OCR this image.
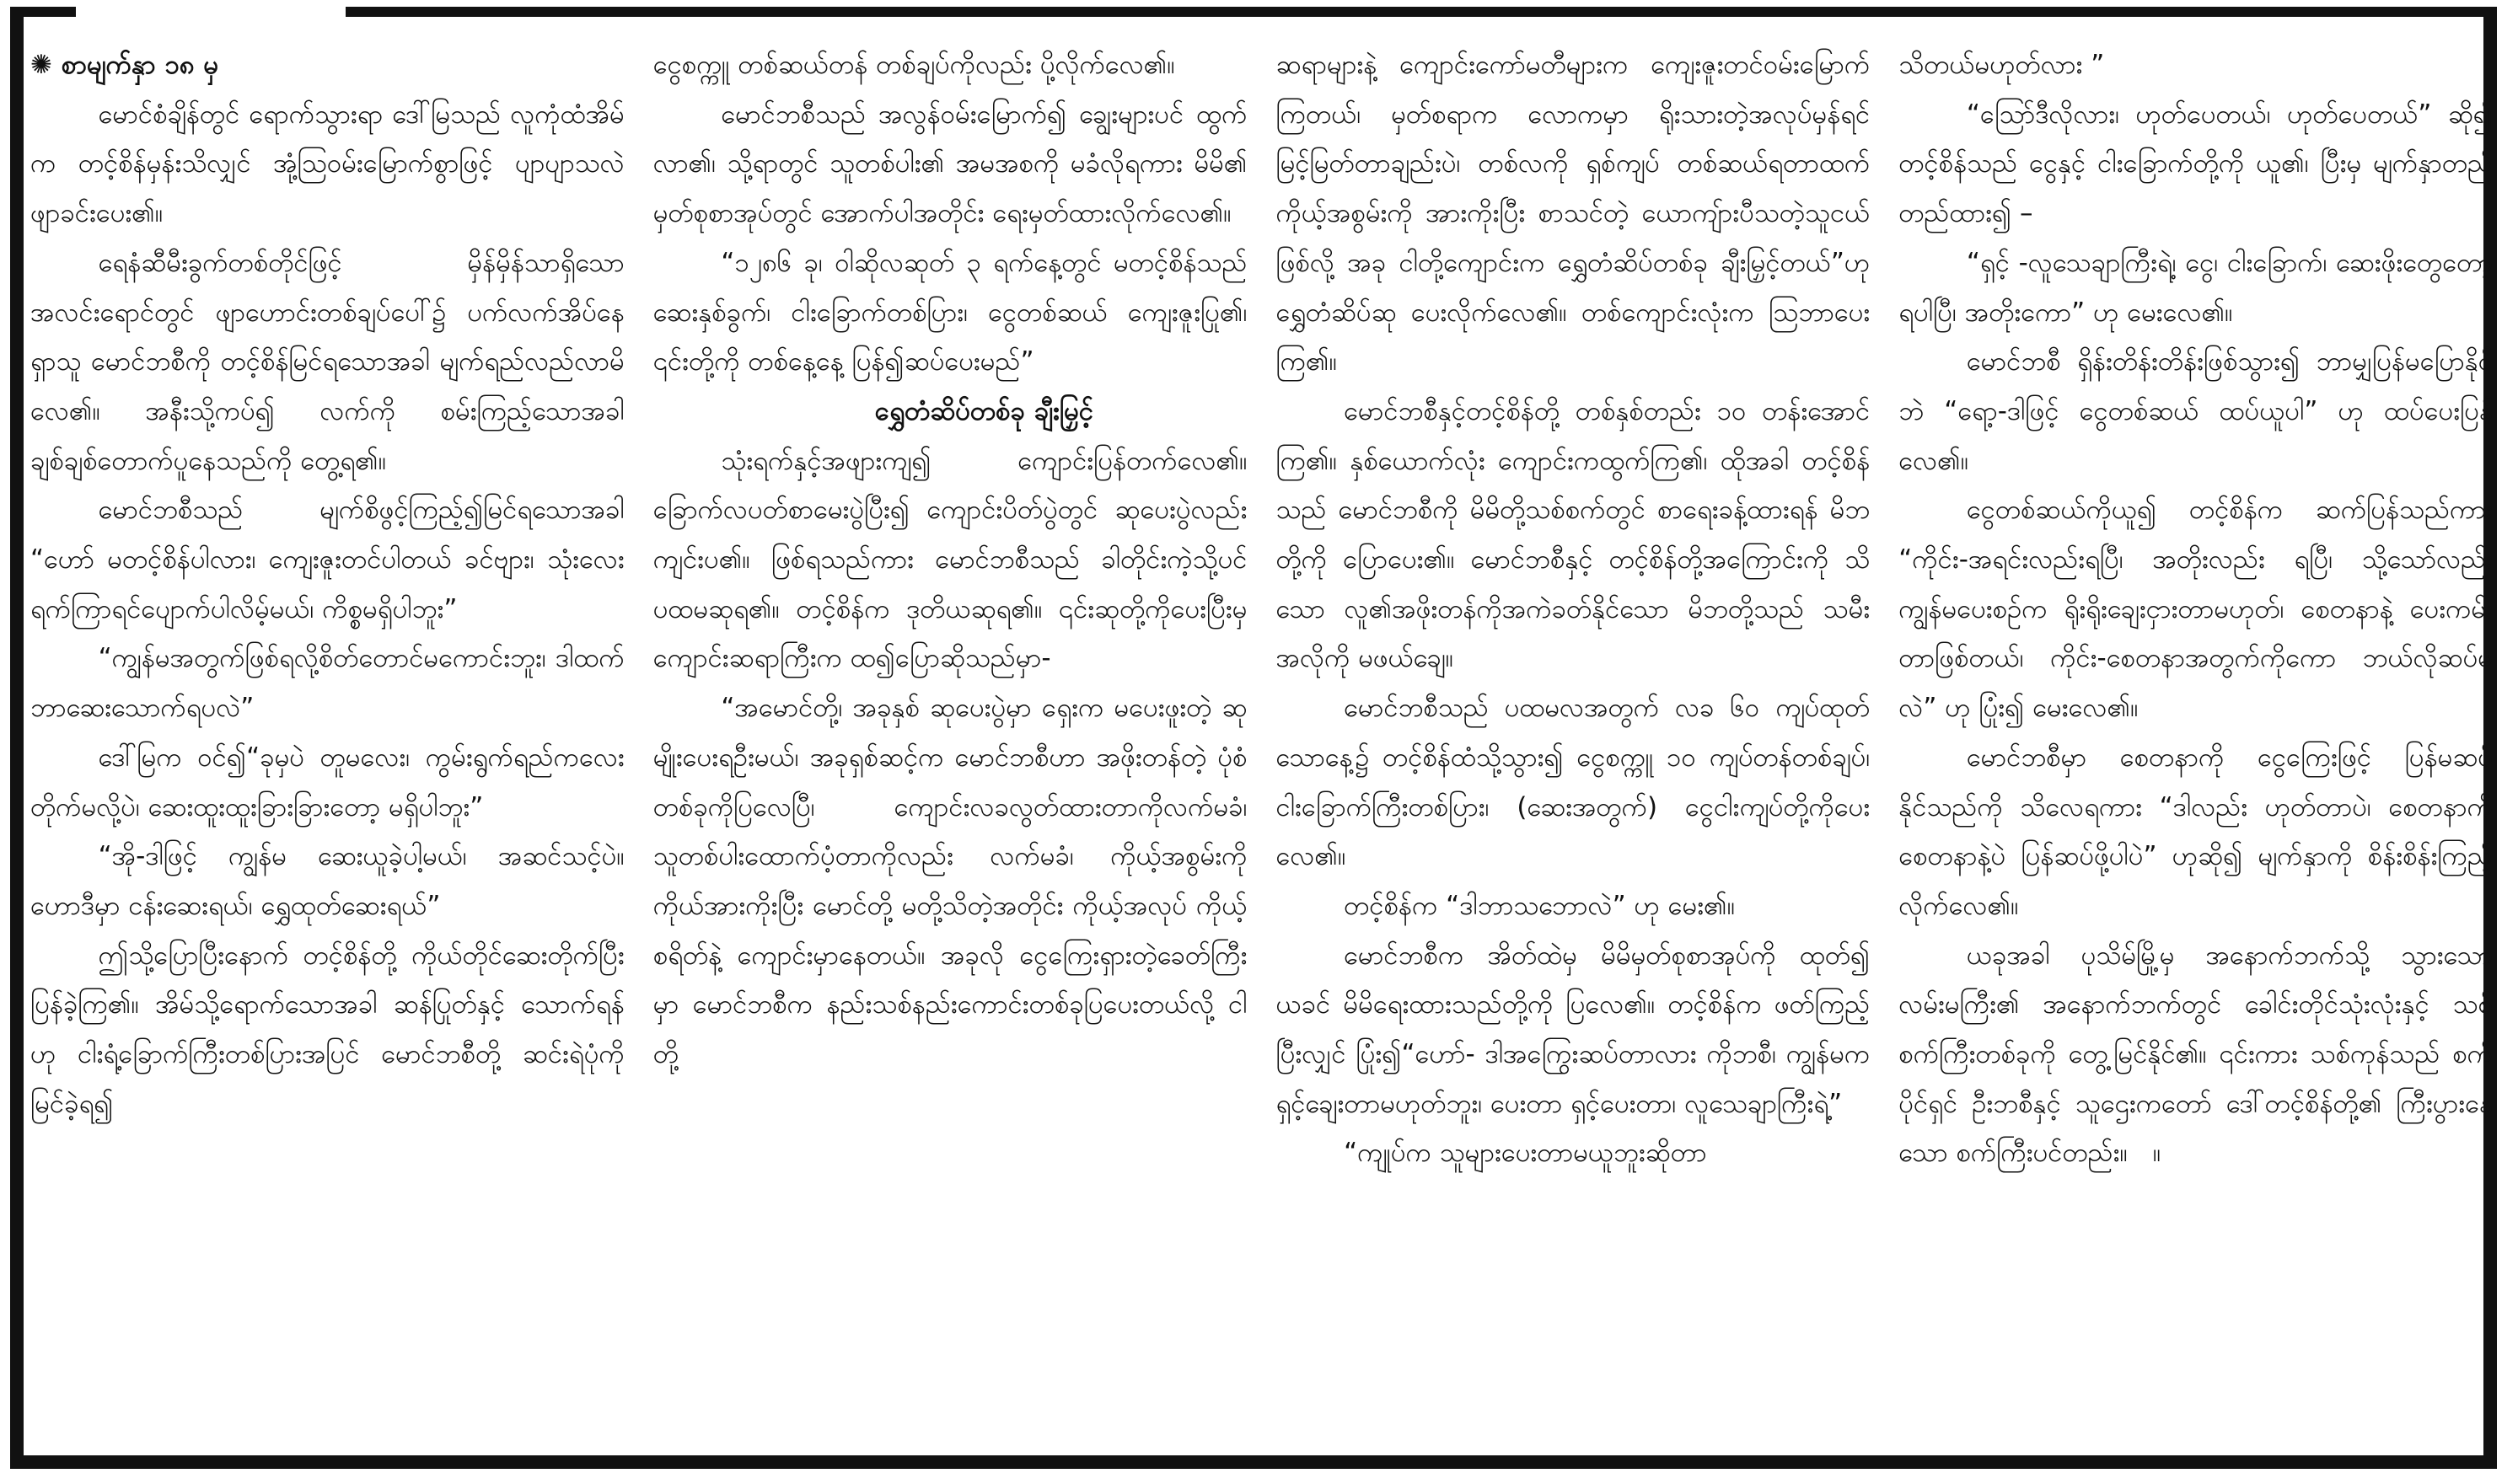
✺ စာမျက်နှာ ၁၈ မှ

မောင်စံချိန်တွင် ရောက်သွားရာ ဒေါ်မြသည် လူကုံထံအိမ်က တင့်စိန်မှန်းသိလျှင် အုံ့ဩဝမ်းမြောက်စွာဖြင့် ပျာပျာသလဲ ဖျာခင်းပေး၏။

ရေနံဆီမီးခွက်တစ်တိုင်ဖြင့် မှိန်မှိန်သာရှိသော အလင်းရောင်တွင် ဖျာဟောင်းတစ်ချပ်ပေါ်၌ ပက်လက်အိပ်နေရှာသူ မောင်ဘစီကို တင့်စိန်မြင်ရသောအခါ မျက်ရည်လည်လာမိလေ၏။ အနီးသို့ကပ်၍ လက်ကို စမ်းကြည့်သောအခါ ချစ်ချစ်တောက်ပူနေသည်ကို တွေ့ရ၏။

မောင်ဘစီသည် မျက်စိဖွင့်ကြည့်၍မြင်ရသောအခါ “ဟော် မတင့်စိန်ပါလား၊ ကျေးဇူးတင်ပါတယ် ခင်ဗျား၊ သုံးလေးရက်ကြာရင်ပျောက်ပါလိမ့်မယ်၊ ကိစ္စမရှိပါဘူး”

“ကျွန်မအတွက်ဖြစ်ရလို့စိတ်တောင်မကောင်းဘူး၊ ဒါထက် ဘာဆေးသောက်ရပလဲ”

ဒေါ်မြက ဝင်၍“ခုမှပဲ တူမလေး၊ ကွမ်းရွက်ရည်ကလေးတိုက်မလို့ပဲ၊ ဆေးထူးထူးခြားခြားတော့ မရှိပါဘူး”

“အို-ဒါဖြင့် ကျွန်မ ဆေးယူခဲ့ပါ့မယ်၊ အဆင်သင့်ပဲ။ ဟောဒီမှာ ငန်းဆေးရယ်၊ ရွှေထုတ်ဆေးရယ်”

ဤသို့ပြောပြီးနောက် တင့်စိန်တို့ ကိုယ်တိုင်ဆေးတိုက်ပြီး ပြန်ခဲ့ကြ၏။ အိမ်သို့ရောက်သောအခါ ဆန်ပြုတ်နှင့် သောက်ရန်ဟု ငါးရံ့ခြောက်ကြီးတစ်ပြားအပြင် မောင်ဘစီတို့ ဆင်းရဲပုံကို မြင်ခဲ့ရ၍

ငွေစက္ကူ တစ်ဆယ်တန် တစ်ချပ်ကိုလည်း ပို့လိုက်လေ၏။

မောင်ဘစီသည် အလွန်ဝမ်းမြောက်၍ ချွေးများပင် ထွက်လာ၏၊ သို့ရာတွင် သူတစ်ပါး၏ အမအစကို မခံလိုရကား မိမိ၏ မှတ်စုစာအုပ်တွင် အောက်ပါအတိုင်း ရေးမှတ်ထားလိုက်လေ၏။

“၁၂၈၆ ခု၊ ဝါဆိုလဆုတ် ၃ ရက်နေ့တွင် မတင့်စိန်သည် ဆေးနှစ်ခွက်၊ ငါးခြောက်တစ်ပြား၊ ငွေတစ်ဆယ် ကျေးဇူးပြု၏၊ ၎င်းတို့ကို တစ်နေ့နေ့ ပြန်၍ဆပ်ပေးမည်”

ရွှေတံဆိပ်တစ်ခု ချီးမြှင့်

သုံးရက်နှင့်အဖျားကျ၍ ကျောင်းပြန်တက်လေ၏။ ခြောက်လပတ်စာမေးပွဲပြီး၍ ကျောင်းပိတ်ပွဲတွင် ဆုပေးပွဲလည်း ကျင်းပ၏။ ဖြစ်ရသည်ကား မောင်ဘစီသည် ခါတိုင်းကဲ့သို့ပင် ပထမဆုရ၏။ တင့်စိန်က ဒုတိယဆုရ၏။ ၎င်းဆုတို့ကိုပေးပြီးမှ ကျောင်းဆရာကြီးက ထ၍ပြောဆိုသည်မှာ-

“အမောင်တို့၊ အခုနှစ် ဆုပေးပွဲမှာ ရှေးက မပေးဖူးတဲ့ ဆုမျိုးပေးရဦးမယ်၊ အခုရှစ်ဆင့်က မောင်ဘစီဟာ အဖိုးတန်တဲ့ ပုံစံတစ်ခုကိုပြလေပြီ၊ ကျောင်းလခလွတ်ထားတာကိုလက်မခံ၊ သူတစ်ပါးထောက်ပံ့တာကိုလည်း လက်မခံ၊ ကိုယ့်အစွမ်းကို ကိုယ်အားကိုးပြီး မောင်တို့ မတို့သိတဲ့အတိုင်း ကိုယ့်အလုပ် ကိုယ့်စရိတ်နဲ့ ကျောင်းမှာနေတယ်။ အခုလို ငွေကြေးရှားတဲ့ခေတ်ကြီးမှာ မောင်ဘစီက နည်းသစ်နည်းကောင်းတစ်ခုပြပေးတယ်လို့ ငါတို့

ဆရာများနဲ့ ကျောင်းကော်မတီများက ကျေးဇူးတင်ဝမ်းမြောက်ကြတယ်၊ မှတ်စရာက လောကမှာ ရိုးသားတဲ့အလုပ်မှန်ရင် မြင့်မြတ်တာချည်းပဲ၊ တစ်လကို ရှစ်ကျပ် တစ်ဆယ်ရတာထက် ကိုယ့်အစွမ်းကို အားကိုးပြီး စာသင်တဲ့ ယောကျ်ားပီသတဲ့သူငယ်ဖြစ်လို့ အခု ငါတို့ကျောင်းက ရွှေတံဆိပ်တစ်ခု ချီးမြှင့်တယ်”ဟု ရွှေတံဆိပ်ဆု ပေးလိုက်လေ၏။ တစ်ကျောင်းလုံးက ဩဘာပေးကြ၏။

မောင်ဘစီနှင့်တင့်စိန်တို့ တစ်နှစ်တည်း ၁၀ တန်းအောင်ကြ၏။ နှစ်ယောက်လုံး ကျောင်းကထွက်ကြ၏၊ ထိုအခါ တင့်စိန်သည် မောင်ဘစီကို မိမိတို့သစ်စက်တွင် စာရေးခန့်ထားရန် မိဘတို့ကို ပြောပေး၏။ မောင်ဘစီနှင့် တင့်စိန်တို့အကြောင်းကို သိသော လူ၏အဖိုးတန်ကိုအကဲခတ်နိုင်သော မိဘတို့သည် သမီးအလိုကို မဖယ်ချေ။

မောင်ဘစီသည် ပထမလအတွက် လခ ၆၀ ကျပ်ထုတ်သောနေ့၌ တင့်စိန်ထံသို့သွား၍ ငွေစက္ကူ ၁၀ ကျပ်တန်တစ်ချပ်၊ ငါးခြောက်ကြီးတစ်ပြား၊ (ဆေးအတွက်) ငွေငါးကျပ်တို့ကိုပေးလေ၏။

တင့်စိန်က “ဒါဘာသဘောလဲ” ဟု မေး၏။

မောင်ဘစီက အိတ်ထဲမှ မိမိမှတ်စုစာအုပ်ကို ထုတ်၍ ယခင် မိမိရေးထားသည်တို့ကို ပြလေ၏။ တင့်စိန်က ဖတ်ကြည့်ပြီးလျှင် ပြုံး၍“ဟော်- ဒါအကြွေးဆပ်တာလား ကိုဘစီ၊ ကျွန်မက ရှင့်ချေးတာမဟုတ်ဘူး၊ ပေးတာ ရှင့်ပေးတာ၊ လူသေချာကြီးရဲ့”

“ကျုပ်က သူများပေးတာမယူဘူးဆိုတာ

သိတယ်မဟုတ်လား ”

“ဩော်ဒီလိုလား၊ ဟုတ်ပေတယ်၊ ဟုတ်ပေတယ်” ဆို၍ တင့်စိန်သည် ငွေနှင့် ငါးခြောက်တို့ကို ယူ၏၊ ပြီးမှ မျက်နှာတည်တည်ထား၍ –

“ရှင့် -လူသေချာကြီးရဲ့၊ ငွေ၊ ငါးခြောက်၊ ဆေးဖိုးတွေတော့ ရပါပြီ၊ အတိုးကော” ဟု မေးလေ၏။

မောင်ဘစီ ရှိန်းတိန်းတိန်းဖြစ်သွား၍ ဘာမျှပြန်မပြောနိုင်ဘဲ “ရော့-ဒါဖြင့် ငွေတစ်ဆယ် ထပ်ယူပါ” ဟု ထပ်ပေးပြန်လေ၏။

ငွေတစ်ဆယ်ကိုယူ၍ တင့်စိန်က ဆက်ပြန်သည်ကား “ကိုင်း-အရင်းလည်းရပြီ၊ အတိုးလည်း ရပြီ၊ သို့သော်လည်း ကျွန်မပေးစဉ်က ရိုးရိုးချေးငှားတာမဟုတ်၊ စေတနာနဲ့ ပေးကမ်းတာဖြစ်တယ်၊ ကိုင်း-စေတနာအတွက်ကိုကော ဘယ်လိုဆပ်မလဲ” ဟု ပြုံး၍ မေးလေ၏။

မောင်ဘစီမှာ စေတနာကို ငွေကြေးဖြင့် ပြန်မဆပ်နိုင်သည်ကို သိလေရကား “ဒါလည်း ဟုတ်တာပဲ၊ စေတနာကို စေတနာနဲ့ပဲ ပြန်ဆပ်ဖို့ပါပဲ” ဟုဆို၍ မျက်နှာကို စိန်းစိန်းကြည့်လိုက်လေ၏။

ယခုအခါ ပုသိမ်မြို့မှ အနောက်ဘက်သို့ သွားသော လမ်းမကြီး၏ အနောက်ဘက်တွင် ခေါင်းတိုင်သုံးလုံးနှင့် သစ်စက်ကြီးတစ်ခုကို တွေ့မြင်နိုင်၏။ ၎င်းကား သစ်ကုန်သည် စက်ပိုင်ရှင် ဦးဘစီနှင့် သူဌေးကတော် ဒေါ်တင့်စိန်တို့၏ ကြီးပွားနေသော စက်ကြီးပင်တည်း။ ။
